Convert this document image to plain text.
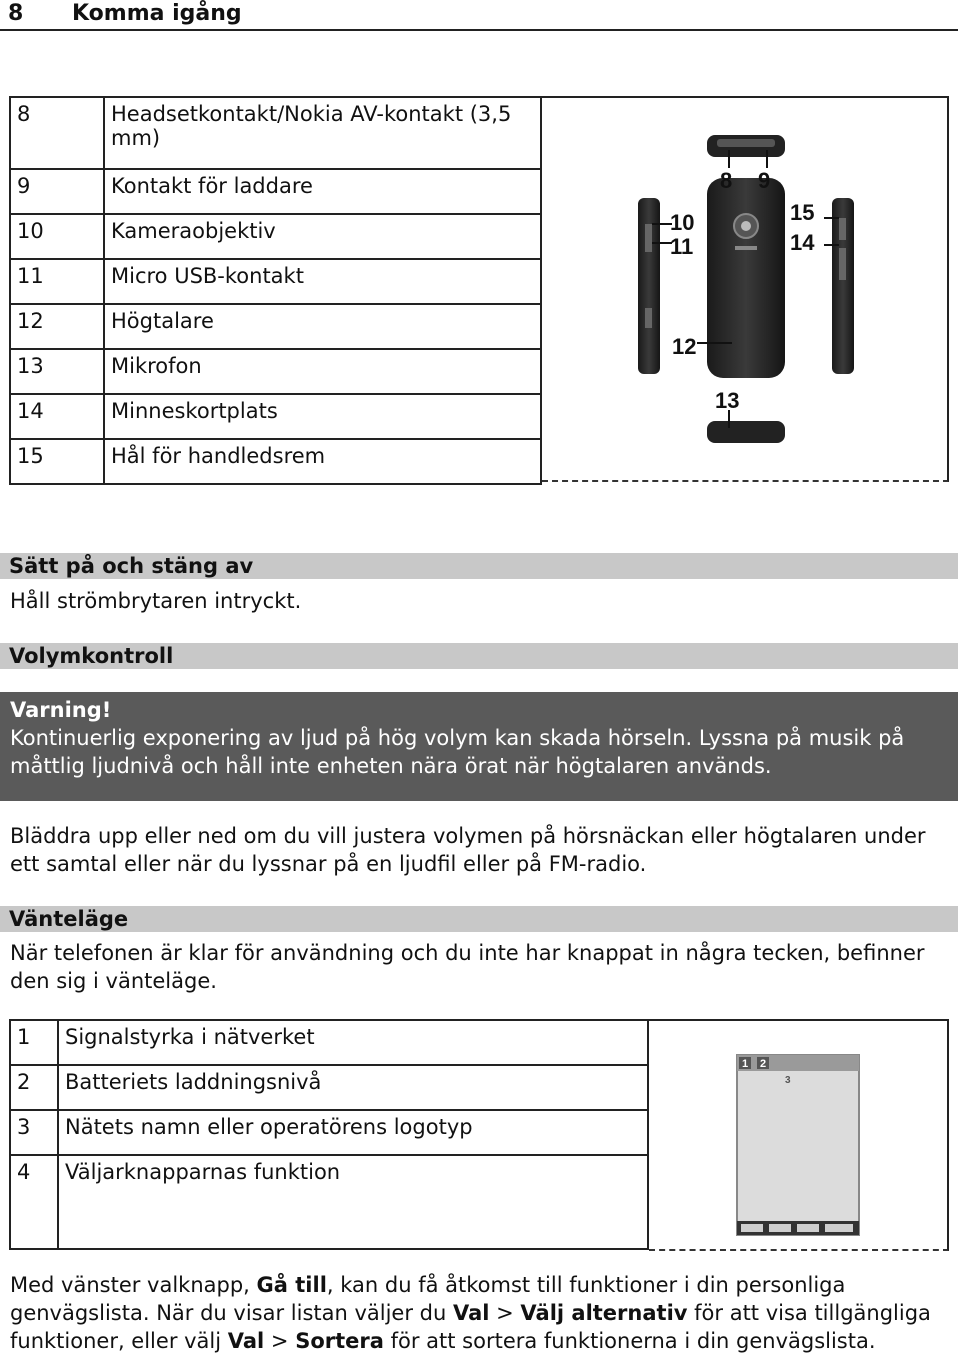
8 Komma igång
8	Headsetkontakt/Nokia AV-kontakt (3,5 mm)
9	Kontakt för laddare
10	Kameraobjektiv
11	Micro USB-kontakt
12	Högtalare
13	Mikrofon
14	Minneskortplats
15	Hål för handledsrem
8 9
10
11
12
13
14
15
Sätt på och stäng av
Håll strömbrytaren intryckt.
Volymkontroll
Varning!
Kontinuerlig exponering av ljud på hög volym kan skada hörseln. Lyssna på musik på måttlig ljudnivå och håll inte enheten nära örat när högtalaren används.
Bläddra upp eller ned om du vill justera volymen på hörsnäckan eller högtalaren under ett samtal eller när du lyssnar på en ljudfil eller på FM-radio.
Vänteläge
När telefonen är klar för användning och du inte har knappat in några tecken, befinner den sig i vänteläge.
1	Signalstyrka i nätverket
2	Batteriets laddningsnivå
3	Nätets namn eller operatörens logotyp
4	Väljarknapparnas funktion
1 2
3
Med vänster valknapp, Gå till, kan du få åtkomst till funktioner i din personliga genvägslista. När du visar listan väljer du Val > Välj alternativ för att visa tillgängliga funktioner, eller välj Val > Sortera för att sortera funktionerna i din genvägslista.
